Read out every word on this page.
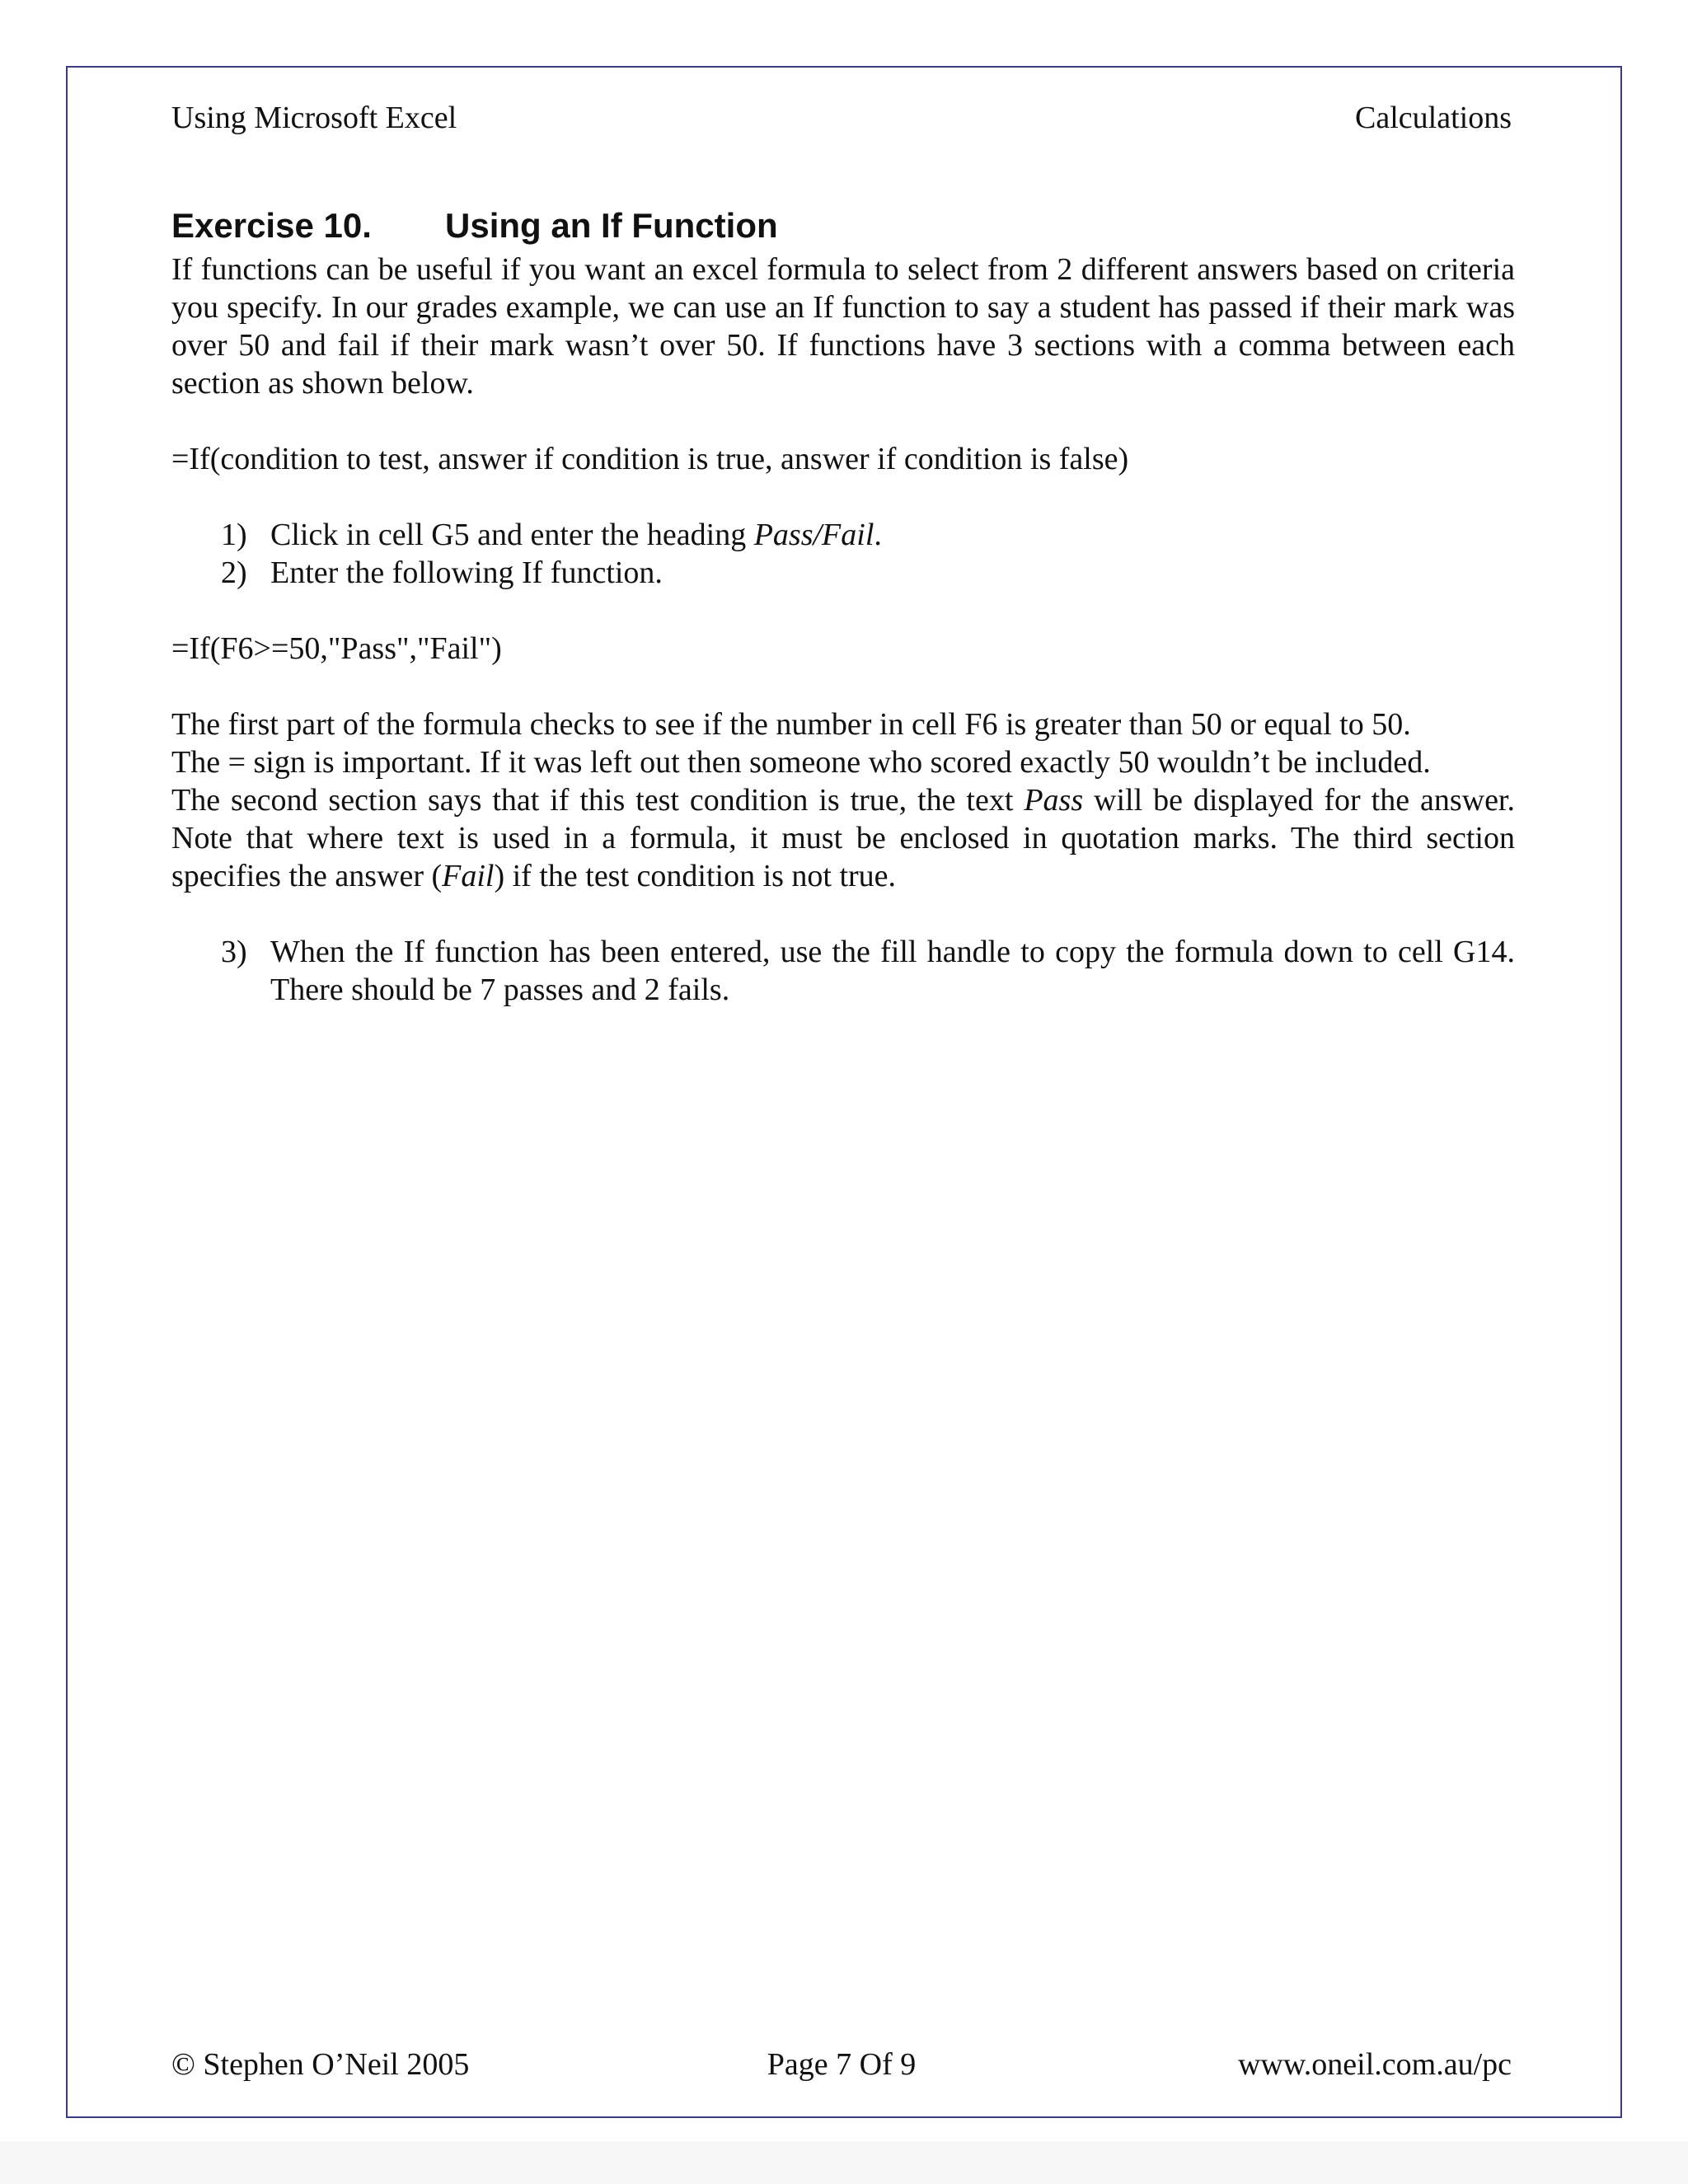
Using Microsoft Excel	Calculations
Exercise 10.	Using an If Function

If functions can be useful if you want an excel formula to select from 2 different answers based on criteria you specify. In our grades example, we can use an If function to say a student has passed if their mark was over 50 and fail if their mark wasn’t over 50. If functions have 3 sections with a comma between each section as shown below.

=If(condition to test, answer if condition is true, answer if condition is false)

1) Click in cell G5 and enter the heading Pass/Fail.
2) Enter the following If function.

=If(F6>=50,"Pass","Fail")

The first part of the formula checks to see if the number in cell F6 is greater than 50 or equal to 50.

The = sign is important. If it was left out then someone who scored exactly 50 wouldn’t be included.

The second section says that if this test condition is true, the text Pass will be displayed for the answer. Note that where text is used in a formula, it must be enclosed in quotation marks. The third section specifies the answer (Fail) if the test condition is not true.

3) When the If function has been entered, use the fill handle to copy the formula down to cell G14. There should be 7 passes and 2 fails.
© Stephen O’Neil 2005	Page 7 Of 9	www.oneil.com.au/pc
